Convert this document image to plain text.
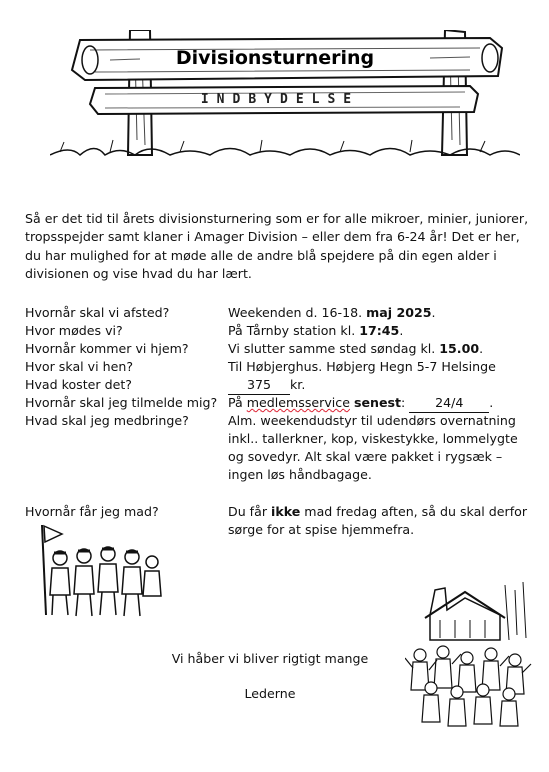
Divisionsturnering
INDBYDELSE

Så er det tid til årets divisionsturnering som er for alle mikroer, minier, juniorer, tropsspejder samt klaner i Amager Division – eller dem fra 6-24 år! Det er her, du har mulighed for at møde alle de andre blå spejdere på din egen alder i divisionen og vise hvad du har lært.

Hvornår skal vi afsted?	Weekenden d. 16-18. maj 2025.

Hvor mødes vi?	På Tårnby station kl. 17:45.

Hvornår kommer vi hjem?	Vi slutter samme sted søndag kl. 15.00.

Hvor skal vi hen?	Til Høbjerghus. Høbjerg Hegn 5-7 Helsinge

Hvad koster det?	375 kr.

Hvornår skal jeg tilmelde mig? På medlemsservice senest: 24/4 .

Hvad skal jeg medbringe?	Alm. weekendudstyr til udendørs overnatning inkl.. tallerkner, kop, viskestykke, lommelygte og sovedyr. Alt skal være pakket i rygsæk – ingen løs håndbagage.

Hvornår får jeg mad?	Du får ikke mad fredag aften, så du skal derfor sørge for at spise hjemmefra.

Vi håber vi bliver rigtigt mange

Lederne
